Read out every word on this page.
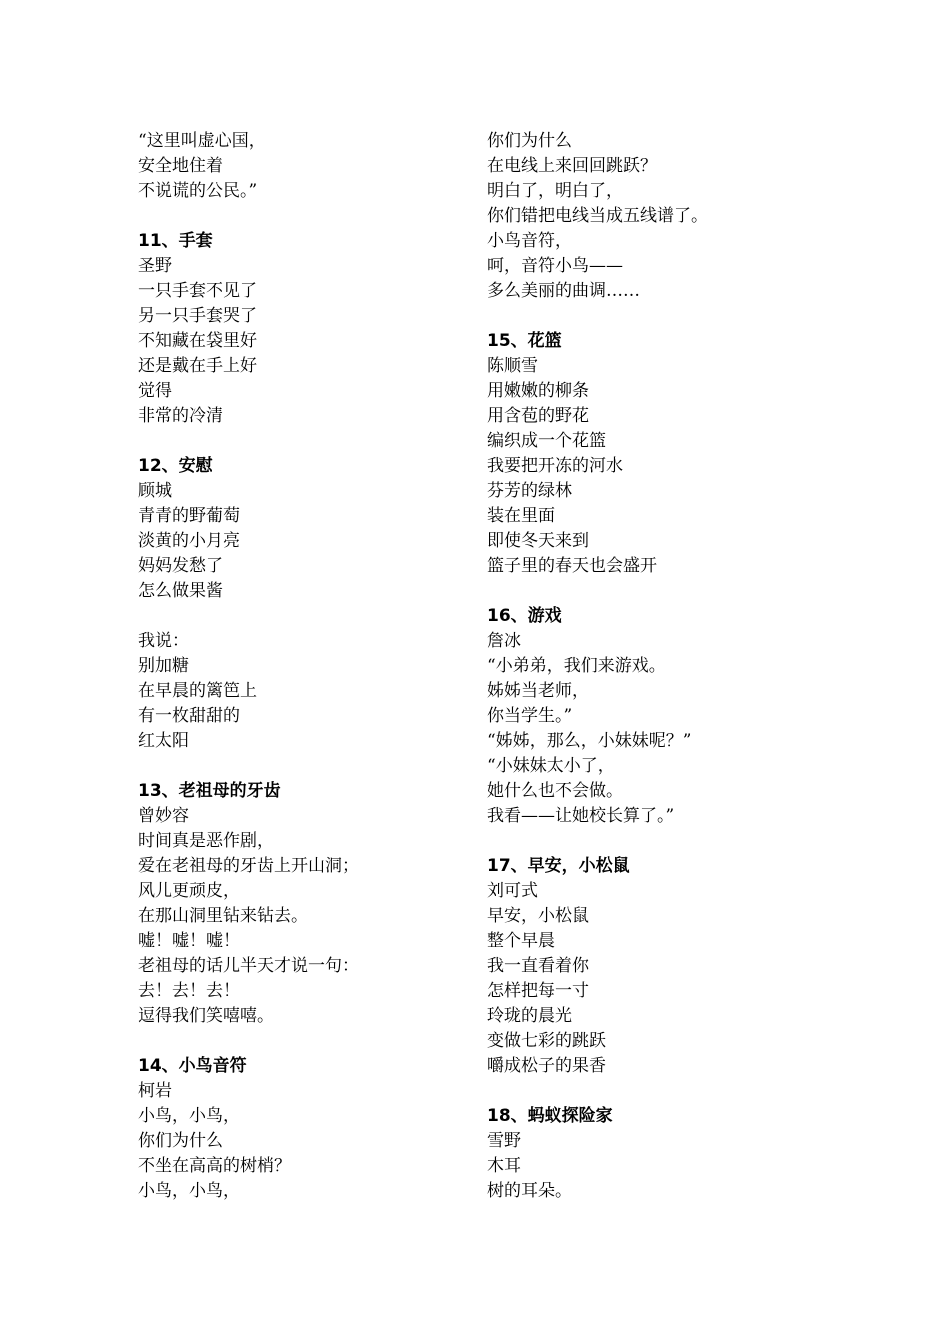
“这里叫虚心国，
安全地住着
不说谎的公民。”
11、手套
圣野
一只手套不见了
另一只手套哭了
不知藏在袋里好
还是戴在手上好
觉得
非常的冷清
12、安慰
顾城
青青的野葡萄
淡黄的小月亮
妈妈发愁了
怎么做果酱
我说：
别加糖
在早晨的篱笆上
有一枚甜甜的
红太阳
13、老祖母的牙齿
曾妙容
时间真是恶作剧，
爱在老祖母的牙齿上开山洞；
风儿更顽皮，
在那山洞里钻来钻去。
嘘！嘘！嘘！
老祖母的话儿半天才说一句：
去！去！去！
逗得我们笑嘻嘻。
14、小鸟音符
柯岩
小鸟，小鸟，
你们为什么
不坐在高高的树梢？
小鸟，小鸟，
你们为什么
在电线上来回回跳跃？
明白了，明白了，
你们错把电线当成五线谱了。
小鸟音符，
呵，音符小鸟——
多么美丽的曲调……
15、花篮
陈顺雪
用嫩嫩的柳条
用含苞的野花
编织成一个花篮
我要把开冻的河水
芬芳的绿林
装在里面
即使冬天来到
篮子里的春天也会盛开
16、游戏
詹冰
“小弟弟，我们来游戏。
姊姊当老师，
你当学生。”
“姊姊，那么，小妹妹呢？”
“小妹妹太小了，
她什么也不会做。
我看——让她校长算了。”
17、早安，小松鼠
刘可式
早安，小松鼠
整个早晨
我一直看着你
怎样把每一寸
玲珑的晨光
变做七彩的跳跃
嚼成松子的果香
18、蚂蚁探险家
雪野
木耳
树的耳朵。
